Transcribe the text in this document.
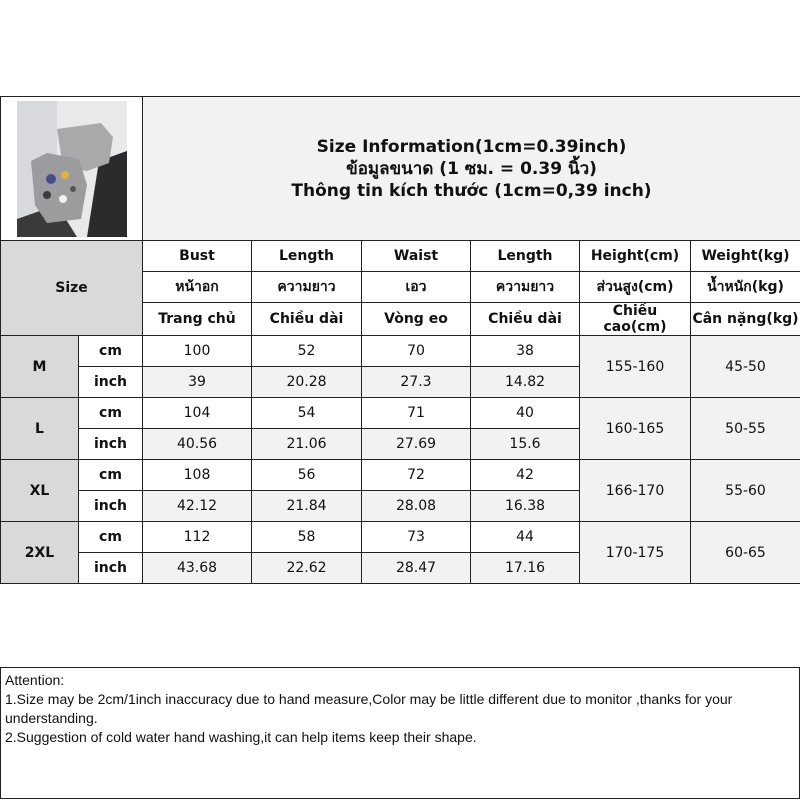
Size Information(1cm=0.39inch)
ข้อมูลขนาด (1 ซม. = 0.39 นิ้ว)
Thông tin kích thước (1cm=0,39 inch)
Size		Bust	Length	Waist	Length	Height(cm)	Weight(kg)
		หน้าอก	ความยาว	เอว	ความยาว	ส่วนสูง(cm)	น้ำหนัก(kg)
		Trang chủ	Chiều dài	Vòng eo	Chiều dài	Chiều cao(cm)	Cân nặng(kg)
M	cm	100	52	70	38	155-160	45-50
	inch	39	20.28	27.3	14.82		
L	cm	104	54	71	40	160-165	50-55
	inch	40.56	21.06	27.69	15.6		
XL	cm	108	56	72	42	166-170	55-60
	inch	42.12	21.84	28.08	16.38		
2XL	cm	112	58	73	44	170-175	60-65
	inch	43.68	22.62	28.47	17.16		

Attention:

1.Size may be 2cm/1inch inaccuracy due to hand measure,Color may be little different due to monitor ,thanks for your understanding.

2.Suggestion of cold water hand washing,it can help items keep their shape.
